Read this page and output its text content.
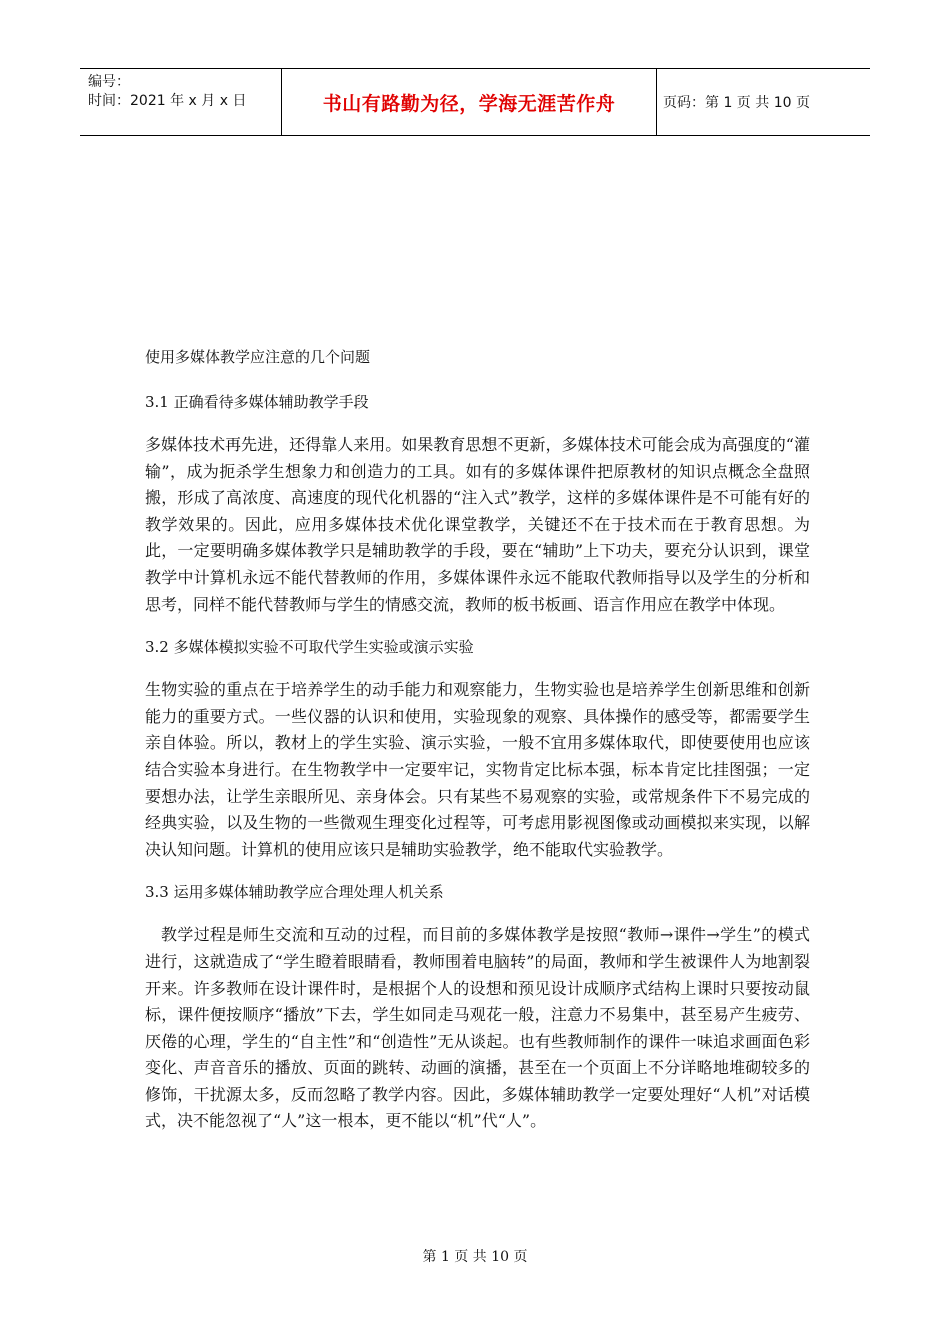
编号：
时间：2021 年 x 月 x 日	书山有路勤为径，学海无涯苦作舟	页码：第 1 页 共 10 页
使用多媒体教学应注意的几个问题
3.1 正确看待多媒体辅助教学手段

多媒体技术再先进，还得靠人来用。如果教育思想不更新，多媒体技术可能会成为高强度的“灌输”，成为扼杀学生想象力和创造力的工具。如有的多媒体课件把原教材的知识点概念全盘照搬，形成了高浓度、高速度的现代化机器的“注入式”教学，这样的多媒体课件是不可能有好的教学效果的。因此，应用多媒体技术优化课堂教学，关键还不在于技术而在于教育思想。为此，一定要明确多媒体教学只是辅助教学的手段，要在“辅助”上下功夫，要充分认识到，课堂教学中计算机永远不能代替教师的作用，多媒体课件永远不能取代教师指导以及学生的分析和思考，同样不能代替教师与学生的情感交流，教师的板书板画、语言作用应在教学中体现。

3.2 多媒体模拟实验不可取代学生实验或演示实验

生物实验的重点在于培养学生的动手能力和观察能力，生物实验也是培养学生创新思维和创新能力的重要方式。一些仪器的认识和使用，实验现象的观察、具体操作的感受等，都需要学生亲自体验。所以，教材上的学生实验、演示实验，一般不宜用多媒体取代，即使要使用也应该结合实验本身进行。在生物教学中一定要牢记，实物肯定比标本强，标本肯定比挂图强；一定要想办法，让学生亲眼所见、亲身体会。只有某些不易观察的实验，或常规条件下不易完成的经典实验，以及生物的一些微观生理变化过程等，可考虑用影视图像或动画模拟来实现，以解决认知问题。计算机的使用应该只是辅助实验教学，绝不能取代实验教学。

3.3 运用多媒体辅助教学应合理处理人机关系

教学过程是师生交流和互动的过程，而目前的多媒体教学是按照“教师→课件→学生”的模式进行，这就造成了“学生瞪着眼睛看，教师围着电脑转”的局面，教师和学生被课件人为地割裂开来。许多教师在设计课件时，是根据个人的设想和预见设计成顺序式结构上课时只要按动鼠标，课件便按顺序“播放”下去，学生如同走马观花一般，注意力不易集中，甚至易产生疲劳、厌倦的心理，学生的“自主性”和“创造性”无从谈起。也有些教师制作的课件一味追求画面色彩变化、声音音乐的播放、页面的跳转、动画的演播，甚至在一个页面上不分详略地堆砌较多的修饰，干扰源太多，反而忽略了教学内容。因此，多媒体辅助教学一定要处理好“人机”对话模式，决不能忽视了“人”这一根本，更不能以“机”代“人”。

第 1 页 共 10 页
